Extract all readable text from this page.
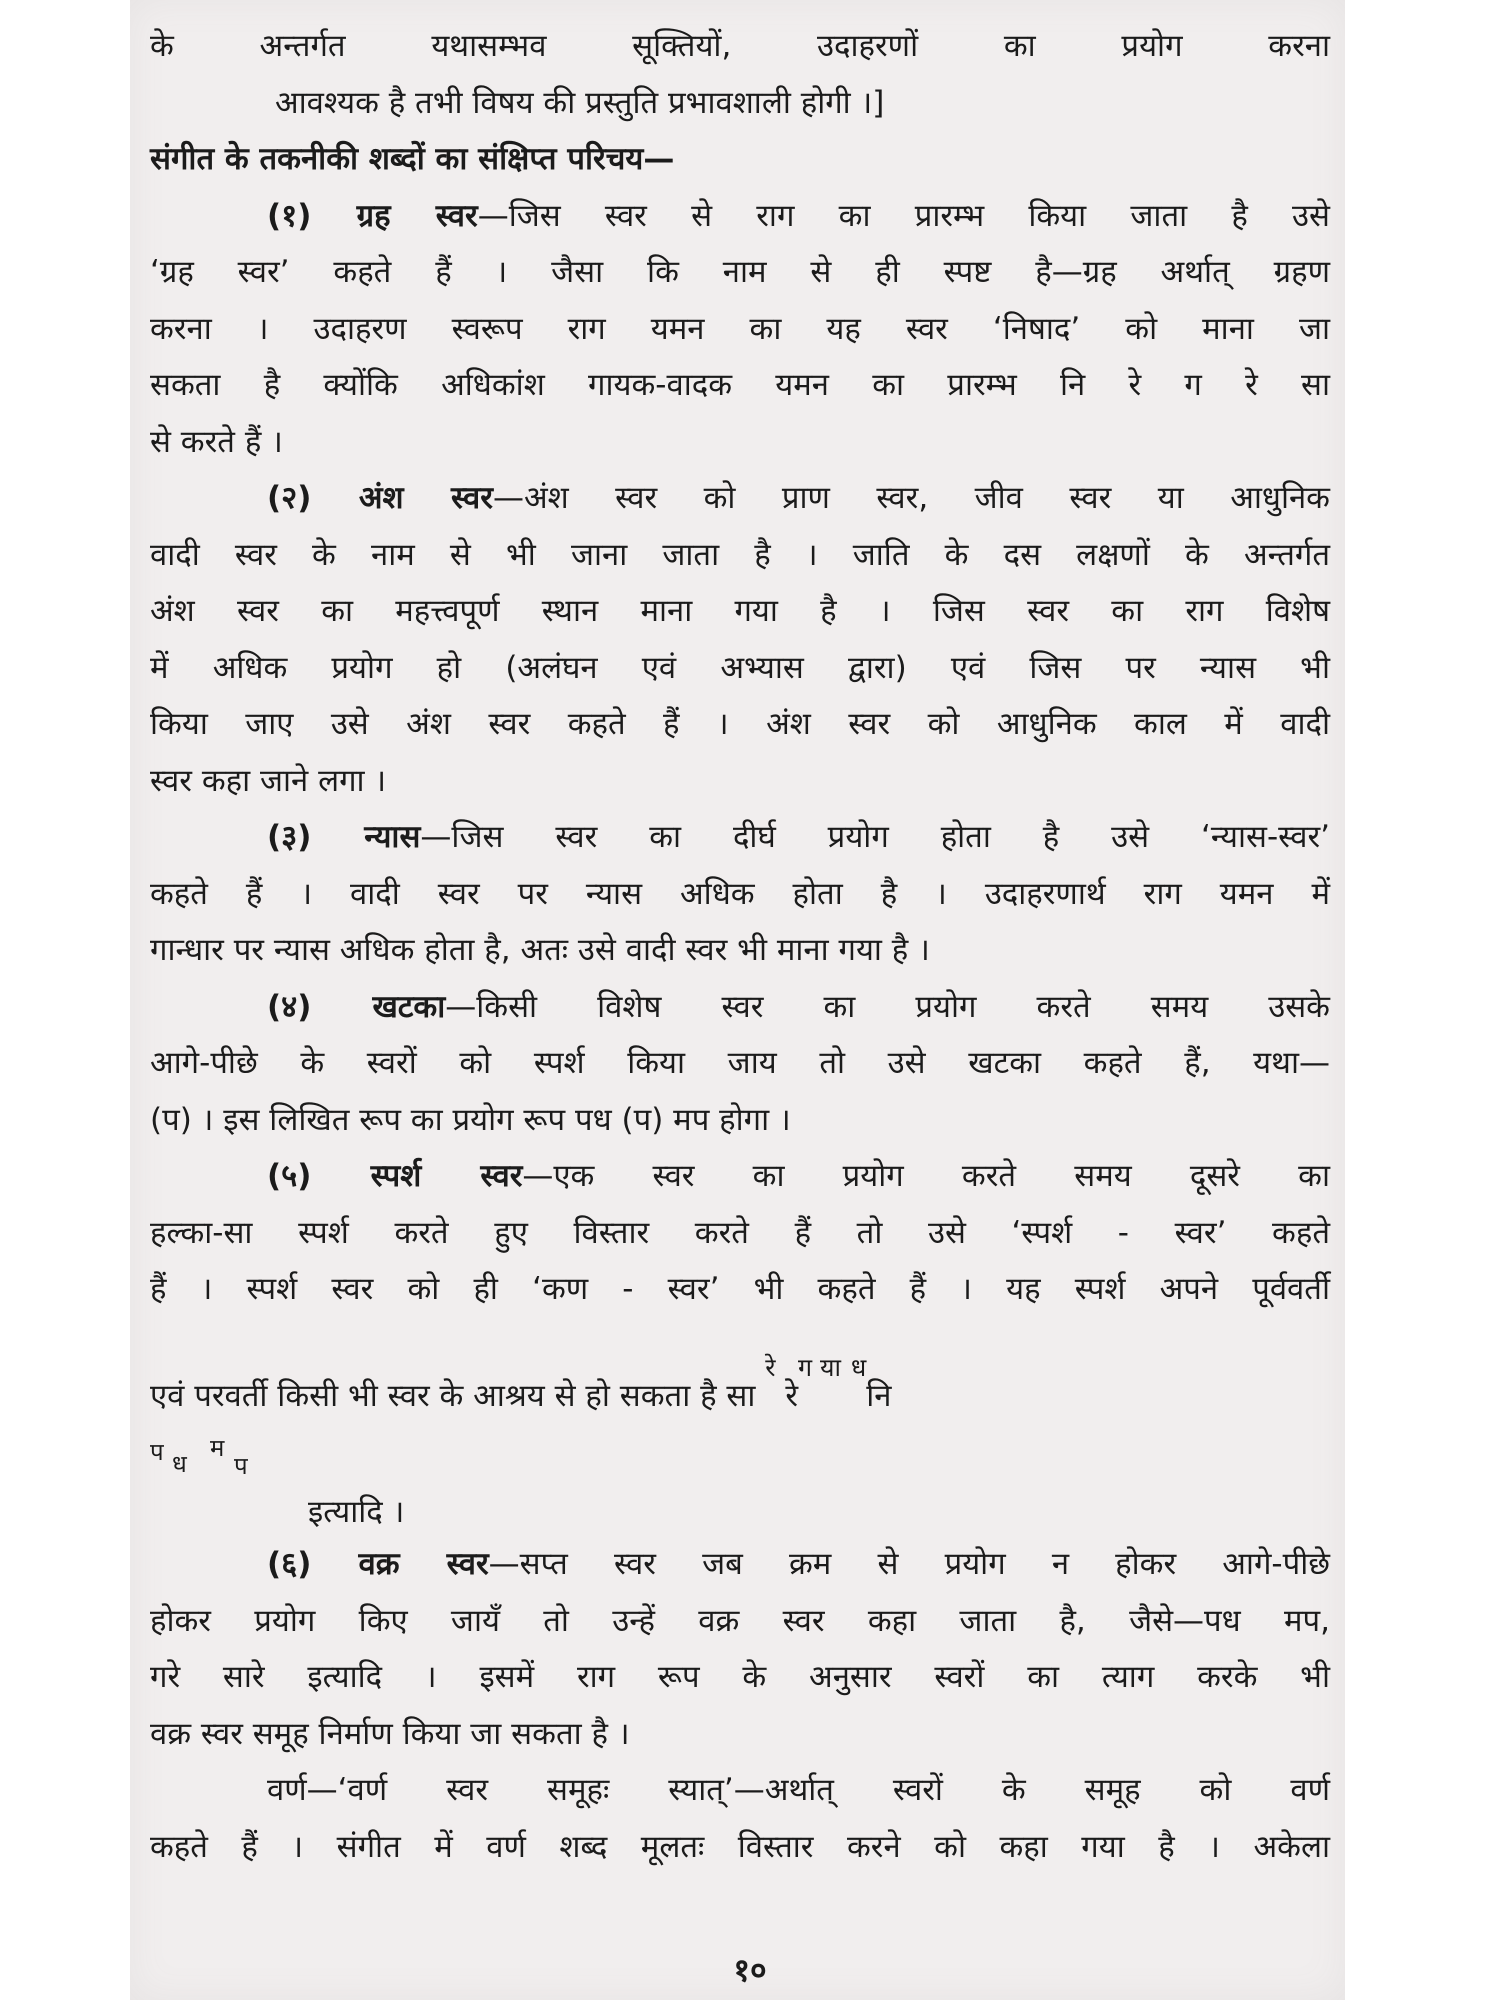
के अन्तर्गत यथासम्भव सूक्तियों, उदाहरणों का प्रयोग करना
आवश्यक है तभी विषय की प्रस्तुति प्रभावशाली होगी ।]
संगीत के तकनीकी शब्दों का संक्षिप्त परिचय—
(१) ग्रह स्वर—जिस स्वर से राग का प्रारम्भ किया जाता है उसे
‘ग्रह स्वर’ कहते हैं । जैसा कि नाम से ही स्पष्ट है—ग्रह अर्थात् ग्रहण
करना । उदाहरण स्वरूप राग यमन का यह स्वर ‘निषाद’ को माना जा
सकता है क्योंकि अधिकांश गायक-वादक यमन का प्रारम्भ नि रे ग रे सा
से करते हैं ।
(२) अंश स्वर—अंश स्वर को प्राण स्वर, जीव स्वर या आधुनिक
वादी स्वर के नाम से भी जाना जाता है । जाति के दस लक्षणों के अन्तर्गत
अंश स्वर का महत्त्वपूर्ण स्थान माना गया है । जिस स्वर का राग विशेष
में अधिक प्रयोग हो (अलंघन एवं अभ्यास द्वारा) एवं जिस पर न्यास भी
किया जाए उसे अंश स्वर कहते हैं । अंश स्वर को आधुनिक काल में वादी
स्वर कहा जाने लगा ।
(३) न्यास—जिस स्वर का दीर्घ प्रयोग होता है उसे ‘न्यास-स्वर’
कहते हैं । वादी स्वर पर न्यास अधिक होता है । उदाहरणार्थ राग यमन में
गान्धार पर न्यास अधिक होता है, अतः उसे वादी स्वर भी माना गया है ।
(४) खटका—किसी विशेष स्वर का प्रयोग करते समय उसके
आगे-पीछे के स्वरों को स्पर्श किया जाय तो उसे खटका कहते हैं, यथा—
(प) । इस लिखित रूप का प्रयोग रूप पध (प) मप होगा ।
(५) स्पर्श स्वर—एक स्वर का प्रयोग करते समय दूसरे का
हल्का-सा स्पर्श करते हुए विस्तार करते हैं तो उसे ‘स्पर्श - स्वर’ कहते
हैं । स्पर्श स्वर को ही ‘कण - स्वर’ भी कहते हैं । यह स्पर्श अपने पूर्ववर्ती
एवं परवर्ती किसी भी स्वर के आश्रय से हो सकता है सा $^{रे}$ रे$^{ग या}$ $^ध$नि
प ध
म
प
इत्यादि ।
(६) वक्र स्वर—सप्त स्वर जब क्रम से प्रयोग न होकर आगे-पीछे
होकर प्रयोग किए जायँ तो उन्हें वक्र स्वर कहा जाता है, जैसे—पध मप,
गरे सारे इत्यादि । इसमें राग रूप के अनुसार स्वरों का त्याग करके भी
वक्र स्वर समूह निर्माण किया जा सकता है ।
वर्ण—‘वर्ण स्वर समूहः स्यात्’—अर्थात् स्वरों के समूह को वर्ण
कहते हैं । संगीत में वर्ण शब्द मूलतः विस्तार करने को कहा गया है । अकेला
१०
